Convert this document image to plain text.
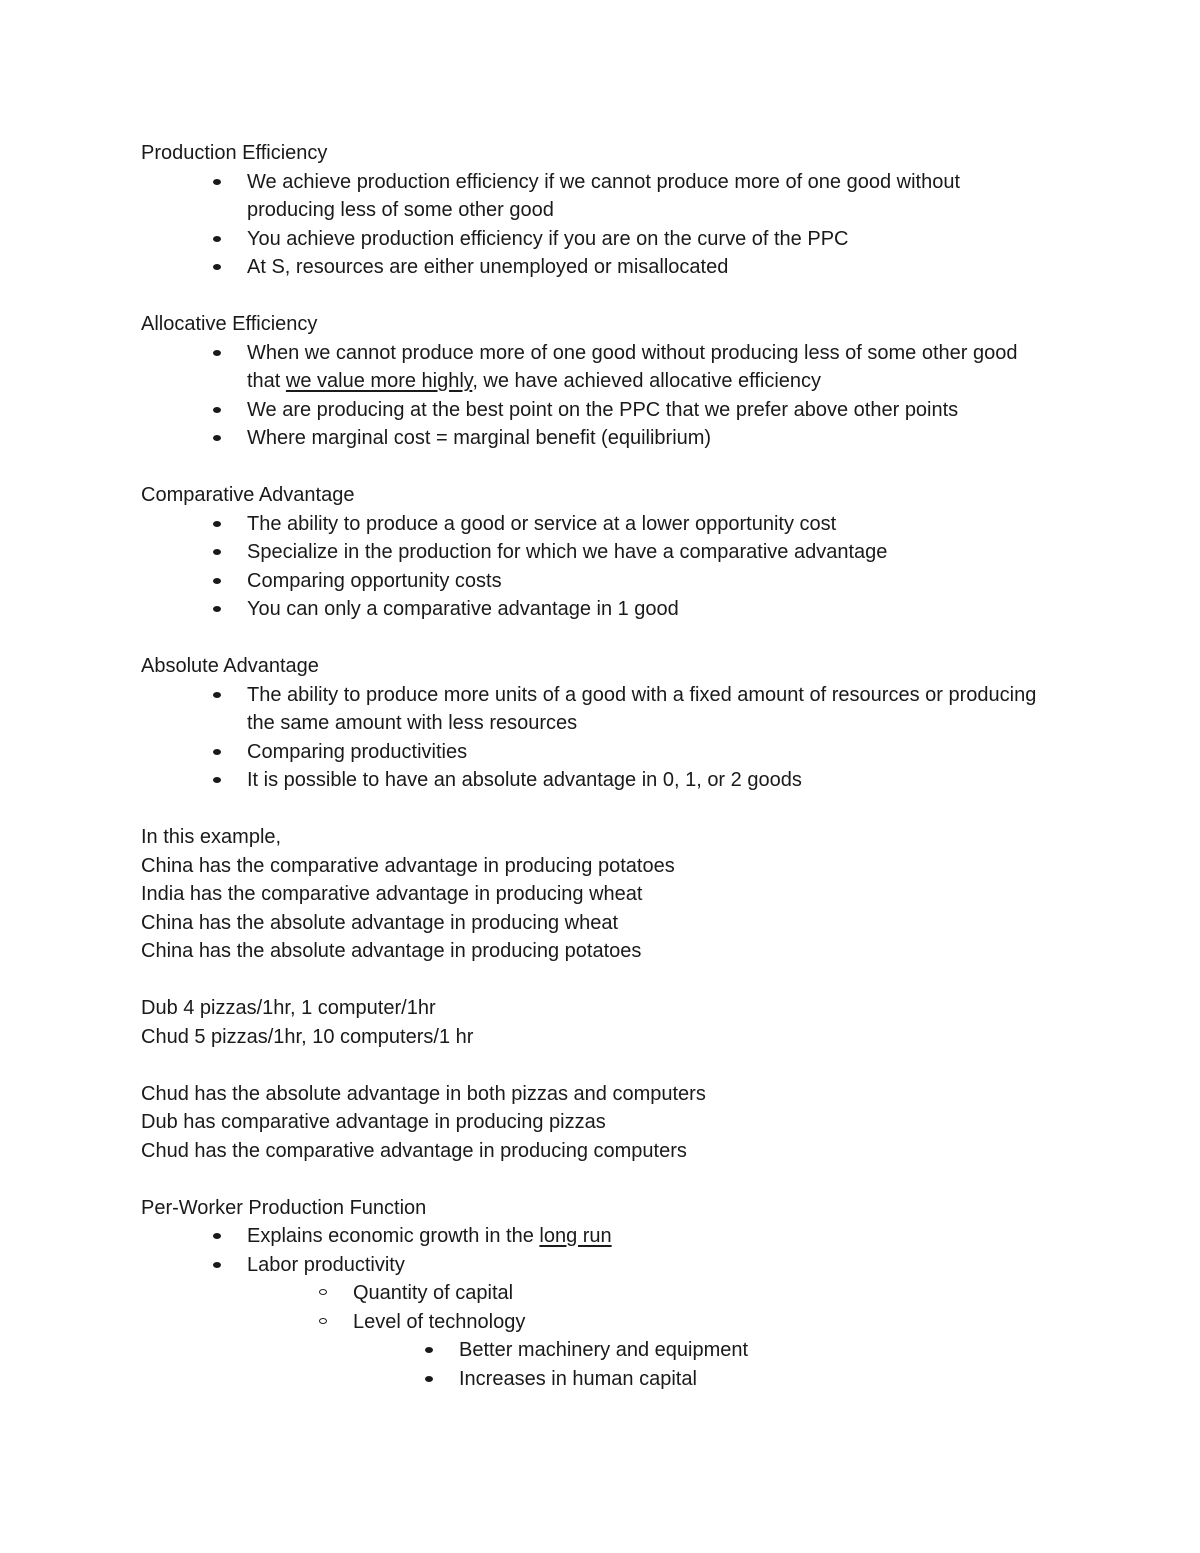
Production Efficiency
We achieve production efficiency if we cannot produce more of one good without producing less of some other good
You achieve production efficiency if you are on the curve of the PPC
At S, resources are either unemployed or misallocated
Allocative Efficiency
When we cannot produce more of one good without producing less of some other good that we value more highly, we have achieved allocative efficiency
We are producing at the best point on the PPC that we prefer above other points
Where marginal cost = marginal benefit (equilibrium)
Comparative Advantage
The ability to produce a good or service at a lower opportunity cost
Specialize in the production for which we have a comparative advantage
Comparing opportunity costs
You can only a comparative advantage in 1 good
Absolute Advantage
The ability to produce more units of a good with a fixed amount of resources or producing the same amount with less resources
Comparing productivities
It is possible to have an absolute advantage in 0, 1, or 2 goods
In this example,
China has the comparative advantage in producing potatoes
India has the comparative advantage in producing wheat
China has the absolute advantage in producing wheat
China has the absolute advantage in producing potatoes
Dub 4 pizzas/1hr, 1 computer/1hr
Chud 5 pizzas/1hr, 10 computers/1 hr
Chud has the absolute advantage in both pizzas and computers
Dub has comparative advantage in producing pizzas
Chud has the comparative advantage in producing computers
Per-Worker Production Function
Explains economic growth in the long run
Labor productivity
Quantity of capital
Level of technology
Better machinery and equipment
Increases in human capital
